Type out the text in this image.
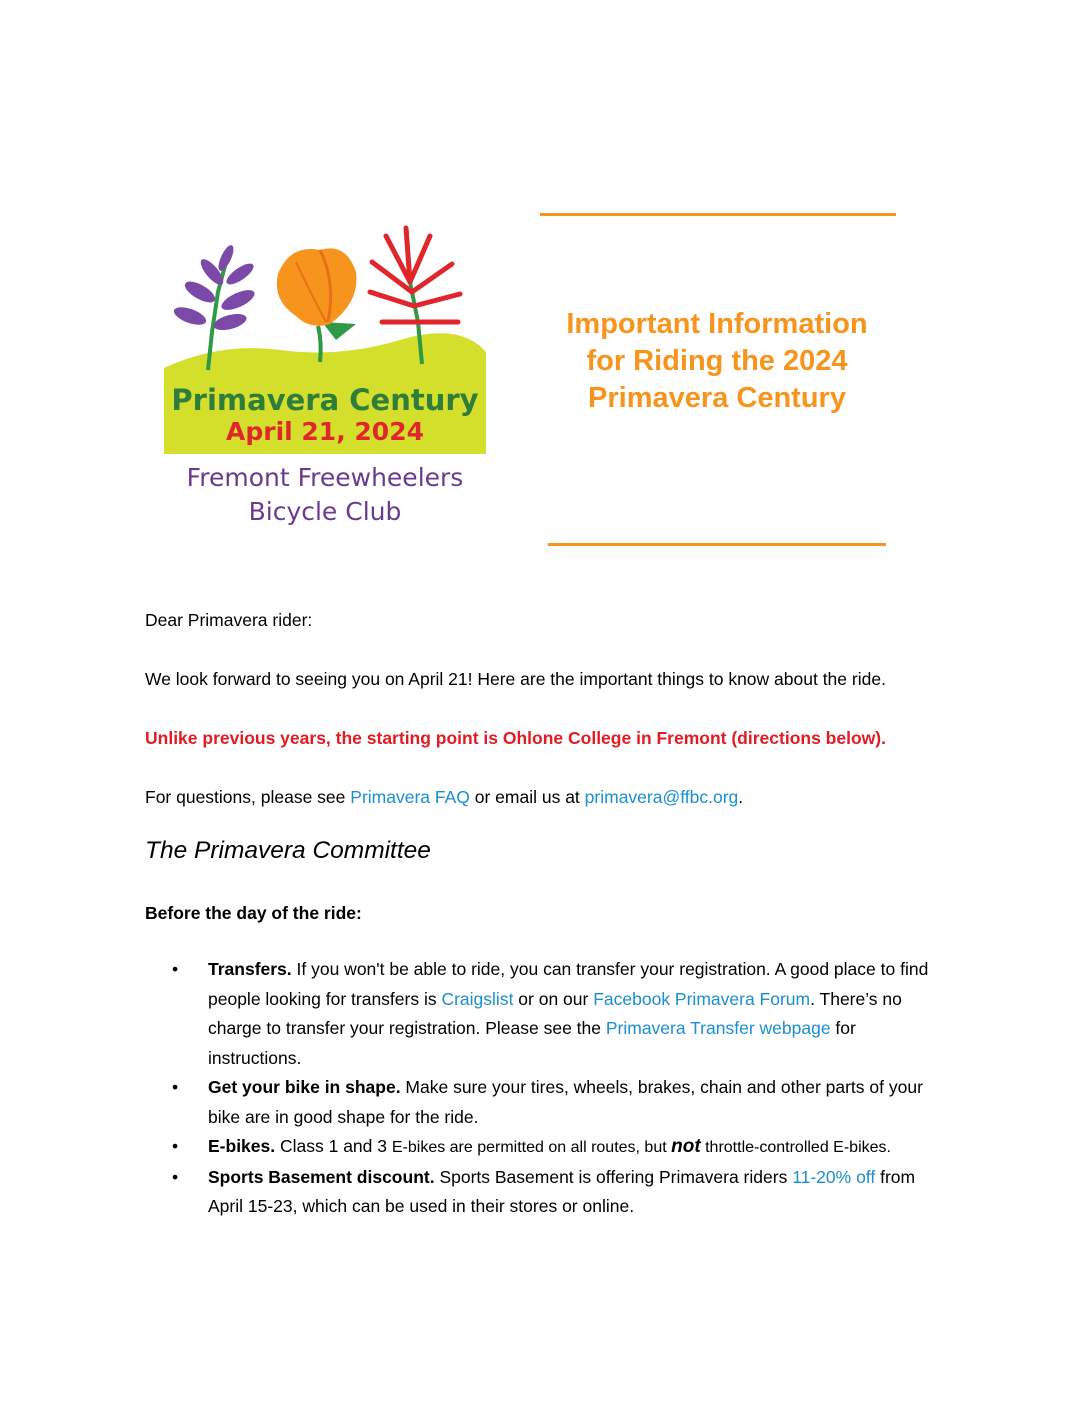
Primavera Century
April 21, 2024
Fremont Freewheelers
Bicycle Club
Important Information
for Riding the 2024
Primavera Century
Dear Primavera rider:
We look forward to seeing you on April 21! Here are the important things to know about the ride.
Unlike previous years, the starting point is Ohlone College in Fremont (directions below).
For questions, please see Primavera FAQ or email us at primavera@ffbc.org.
The Primavera Committee
Before the day of the ride:
• Transfers. If you won't be able to ride, you can transfer your registration. A good place to find people looking for transfers is Craigslist or on our Facebook Primavera Forum. There’s no charge to transfer your registration. Please see the Primavera Transfer webpage for instructions.
• Get your bike in shape. Make sure your tires, wheels, brakes, chain and other parts of your bike are in good shape for the ride.
• E-bikes. Class 1 and 3 E-bikes are permitted on all routes, but not throttle-controlled E-bikes.
• Sports Basement discount. Sports Basement is offering Primavera riders 11-20% off from April 15-23, which can be used in their stores or online.
